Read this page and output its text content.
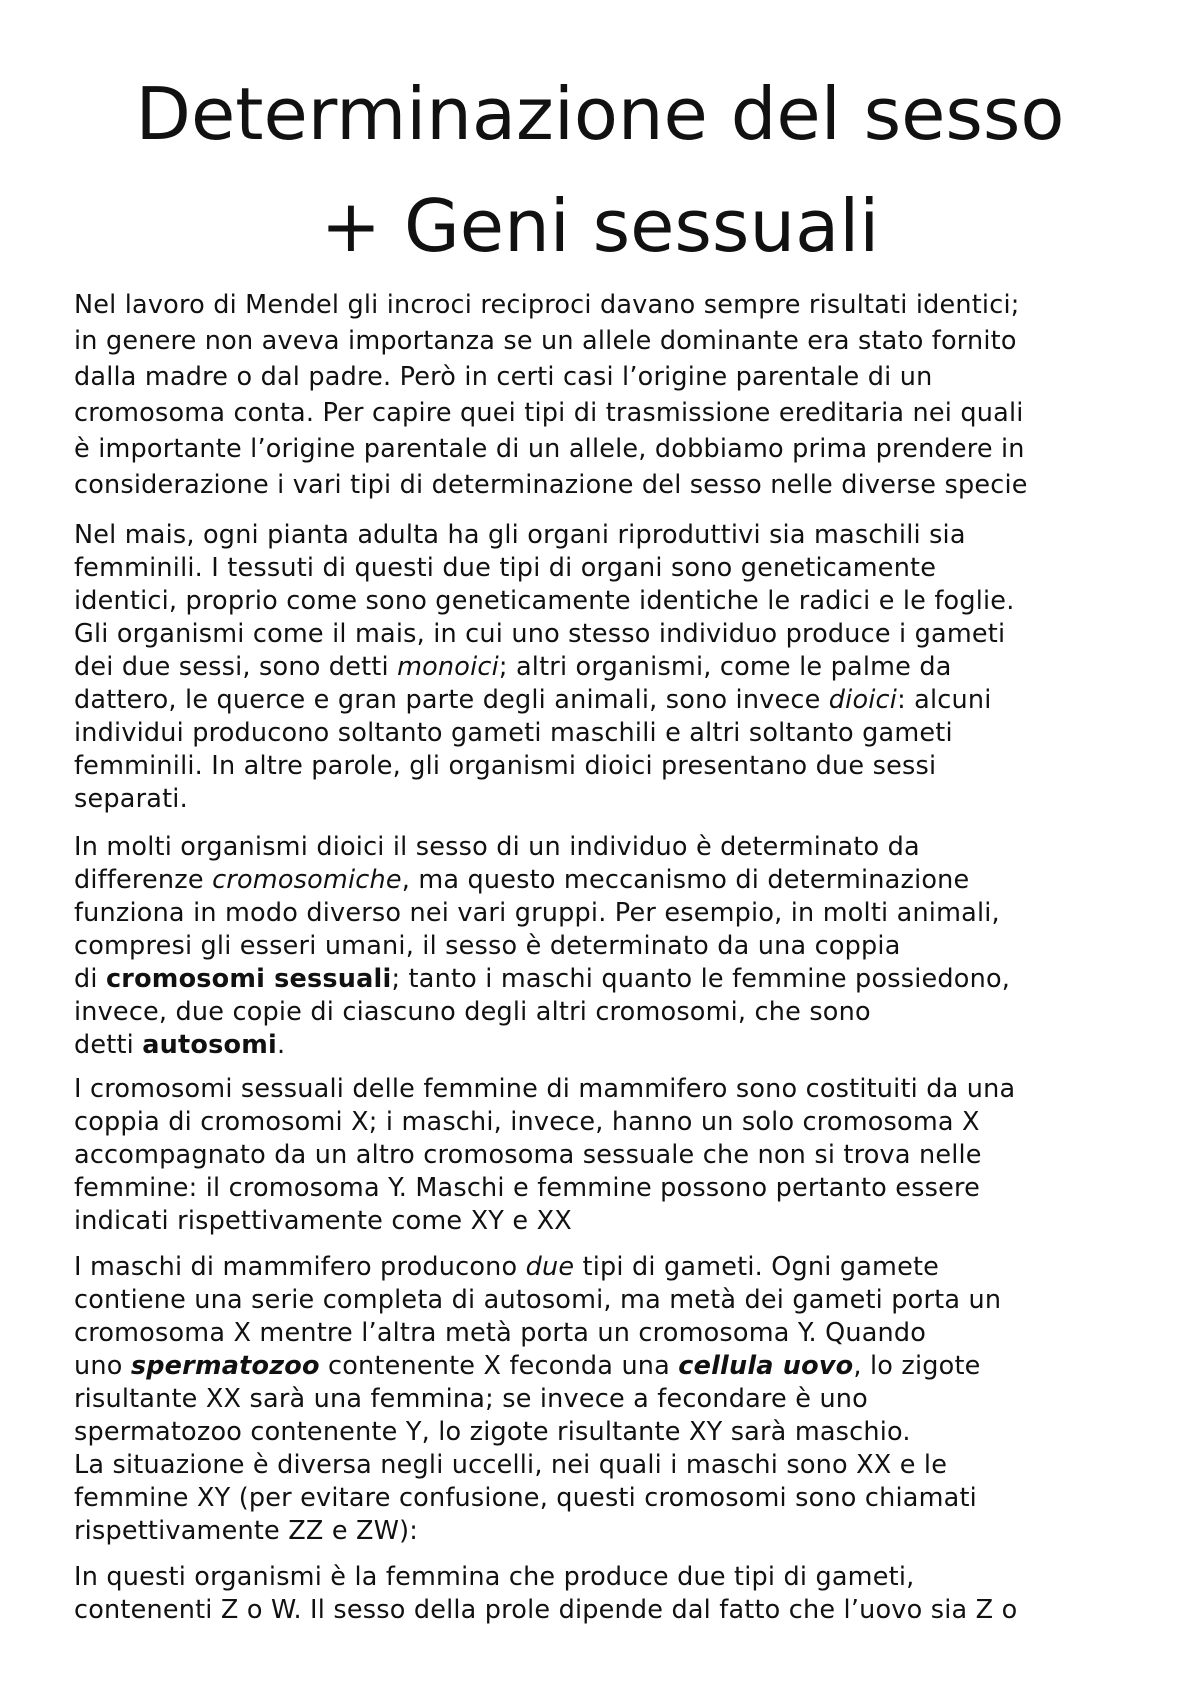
Determinazione del sesso
+ Geni sessuali
Nel lavoro di Mendel gli incroci reciproci davano sempre risultati identici;
in genere non aveva importanza se un allele dominante era stato fornito
dalla madre o dal padre. Però in certi casi l’origine parentale di un
cromosoma conta. Per capire quei tipi di trasmissione ereditaria nei quali
è importante l’origine parentale di un allele, dobbiamo prima prendere in
considerazione i vari tipi di determinazione del sesso nelle diverse specie
Nel mais, ogni pianta adulta ha gli organi riproduttivi sia maschili sia
femminili. I tessuti di questi due tipi di organi sono geneticamente
identici, proprio come sono geneticamente identiche le radici e le foglie.
Gli organismi come il mais, in cui uno stesso individuo produce i gameti
dei due sessi, sono detti monoici; altri organismi, come le palme da
dattero, le querce e gran parte degli animali, sono invece dioici: alcuni
individui producono soltanto gameti maschili e altri soltanto gameti
femminili. In altre parole, gli organismi dioici presentano due sessi
separati.
In molti organismi dioici il sesso di un individuo è determinato da
differenze cromosomiche, ma questo meccanismo di determinazione
funziona in modo diverso nei vari gruppi. Per esempio, in molti animali,
compresi gli esseri umani, il sesso è determinato da una coppia
di cromosomi sessuali; tanto i maschi quanto le femmine possiedono,
invece, due copie di ciascuno degli altri cromosomi, che sono
detti autosomi.
I cromosomi sessuali delle femmine di mammifero sono costituiti da una
coppia di cromosomi X; i maschi, invece, hanno un solo cromosoma X
accompagnato da un altro cromosoma sessuale che non si trova nelle
femmine: il cromosoma Y. Maschi e femmine possono pertanto essere
indicati rispettivamente come XY e XX
I maschi di mammifero producono due tipi di gameti. Ogni gamete
contiene una serie completa di autosomi, ma metà dei gameti porta un
cromosoma X mentre l’altra metà porta un cromosoma Y. Quando
uno spermatozoo contenente X feconda una cellula uovo, lo zigote
risultante XX sarà una femmina; se invece a fecondare è uno
spermatozoo contenente Y, lo zigote risultante XY sarà maschio.
La situazione è diversa negli uccelli, nei quali i maschi sono XX e le
femmine XY (per evitare confusione, questi cromosomi sono chiamati
rispettivamente ZZ e ZW):
In questi organismi è la femmina che produce due tipi di gameti,
contenenti Z o W. Il sesso della prole dipende dal fatto che l’uovo sia Z o
